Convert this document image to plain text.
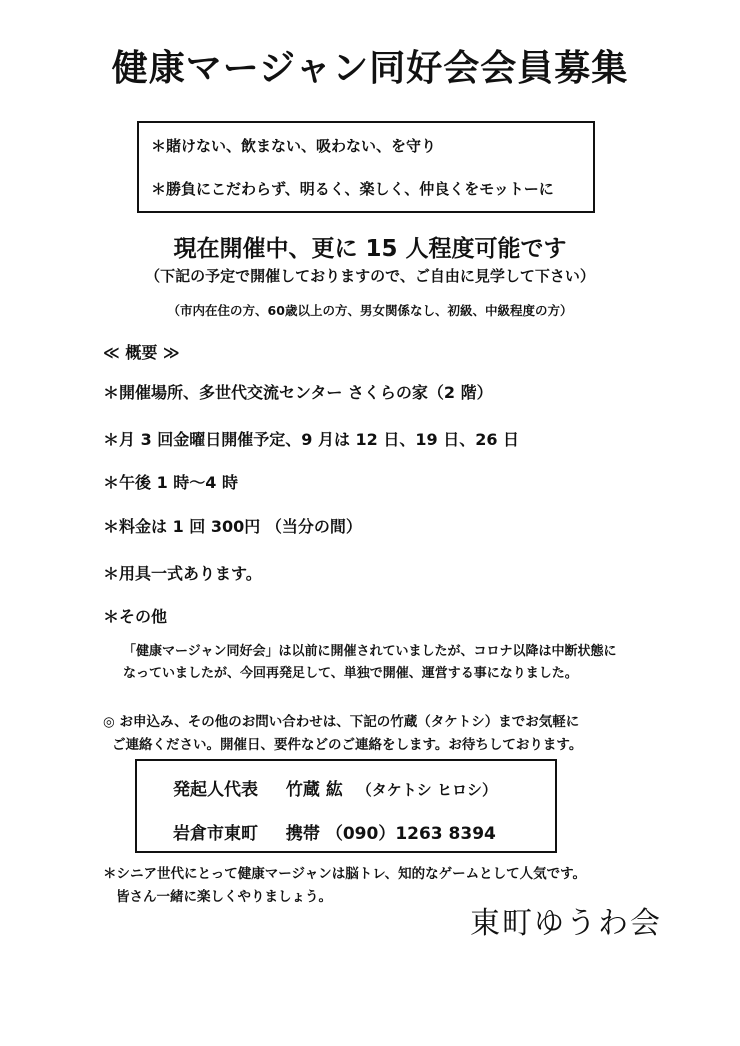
健康マージャン同好会会員募集
＊賭けない、飲まない、吸わない、を守り
＊勝負にこだわらず、明るく、楽しく、仲良くをモットーに
現在開催中、更に 15 人程度可能です
（下記の予定で開催しておりますので、ご自由に見学して下さい）
（市内在住の方、60歳以上の方、男女関係なし、初級、中級程度の方）
≪ 概要 ≫
＊開催場所、多世代交流センター さくらの家（2 階）
＊月 3 回金曜日開催予定、9 月は 12 日、19 日、26 日
＊午後 1 時～4 時
＊料金は 1 回 300円 （当分の間）
＊用具一式あります。
＊その他
「健康マージャン同好会」は以前に開催されていましたが、コロナ以降は中断状態に
なっていましたが、今回再発足して、単独で開催、運営する事になりました。
◎ お申込み、その他のお問い合わせは、下記の竹蔵（タケトシ）までお気軽に
ご連絡ください。開催日、要件などのご連絡をします。お待ちしております。
発起人代表 竹蔵 紘 （タケトシ ヒロシ）
岩倉市東町 携帯 （090）1263 8394
＊シニア世代にとって健康マージャンは脳トレ、知的なゲームとして人気です。
皆さん一緒に楽しくやりましょう。
東町ゆうわ会
